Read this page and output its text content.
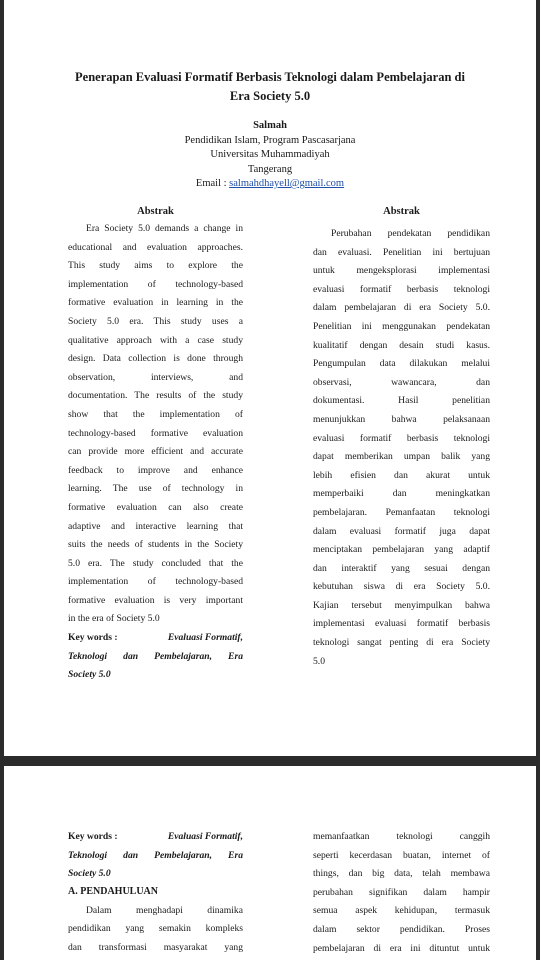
Penerapan Evaluasi Formatif Berbasis Teknologi dalam Pembelajaran di
Era Society 5.0
Salmah
Pendidikan Islam, Program Pascasarjana
Universitas Muhammadiyah
Tangerang
Email : salmahdhayell@gmail.com
Abstrak
Era Society 5.0 demands a change in
educational and evaluation approaches.
This study aims to explore the
implementation of technology-based
formative evaluation in learning in the
Society 5.0 era. This study uses a
qualitative approach with a case study
design. Data collection is done through
observation, interviews, and
documentation. The results of the study
show that the implementation of
technology-based formative evaluation
can provide more efficient and accurate
feedback to improve and enhance
learning. The use of technology in
formative evaluation can also create
adaptive and interactive learning that
suits the needs of students in the Society
5.0 era. The study concluded that the
implementation of technology-based
formative evaluation is very important
in the era of Society 5.0
Key words :	Evaluasi Formatif,
Teknologi dan Pembelajaran, Era
Society 5.0
Abstrak
Perubahan pendekatan pendidikan
dan evaluasi. Penelitian ini bertujuan
untuk mengeksplorasi implementasi
evaluasi formatif berbasis teknologi
dalam pembelajaran di era Society 5.0.
Penelitian ini menggunakan pendekatan
kualitatif dengan desain studi kasus.
Pengumpulan data dilakukan melalui
observasi, wawancara, dan
dokumentasi. Hasil penelitian
menunjukkan bahwa pelaksanaan
evaluasi formatif berbasis teknologi
dapat memberikan umpan balik yang
lebih efisien dan akurat untuk
memperbaiki dan meningkatkan
pembelajaran. Pemanfaatan teknologi
dalam evaluasi formatif juga dapat
menciptakan pembelajaran yang adaptif
dan interaktif yang sesuai dengan
kebutuhan siswa di era Society 5.0.
Kajian tersebut menyimpulkan bahwa
implementasi evaluasi formatif berbasis
teknologi sangat penting di era Society
5.0
Key words :	Evaluasi Formatif,
Teknologi dan Pembelajaran, Era
Society 5.0
A. PENDAHULUAN
Dalam menghadapi dinamika
pendidikan yang semakin kompleks
dan transformasi masyarakat yang
memanfaatkan teknologi canggih
seperti kecerdasan buatan, internet of
things, dan big data, telah membawa
perubahan signifikan dalam hampir
semua aspek kehidupan, termasuk
dalam sektor pendidikan. Proses
pembelajaran di era ini dituntut untuk
